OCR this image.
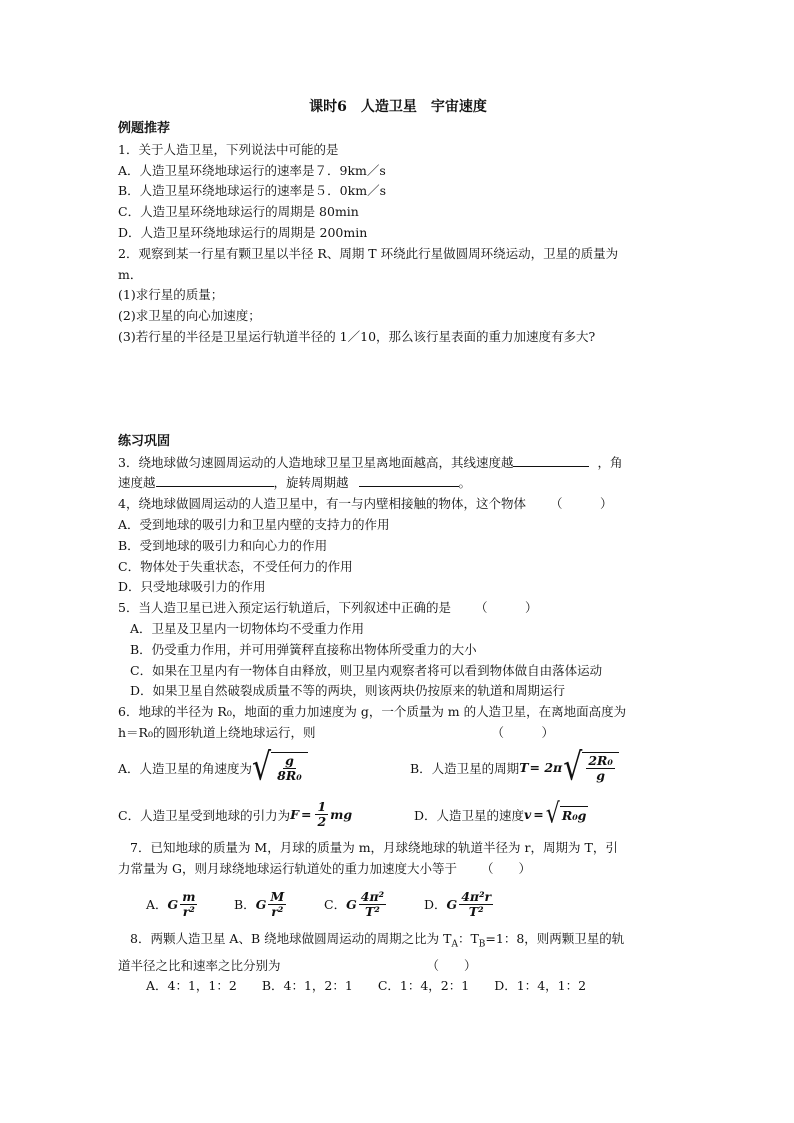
课时6　人造卫星　宇宙速度
例题推荐
1．关于人造卫星，下列说法中可能的是
A．人造卫星环绕地球运行的速率是７．9km／s
B．人造卫星环绕地球运行的速率是５．0km／s
C．人造卫星环绕地球运行的周期是 80min
D．人造卫星环绕地球运行的周期是 200min
2．观察到某一行星有颗卫星以半径 R、周期 T 环绕此行星做圆周环绕运动，卫星的质量为
m．
(1)求行星的质量；
(2)求卫星的向心加速度；
(3)若行星的半径是卫星运行轨道半径的 1／10，那么该行星表面的重力加速度有多大?
练习巩固
3．绕地球做匀速圆周运动的人造地球卫星卫星离地面越高，其线速度越	，角
速度越	，旋转周期越	。
4，绕地球做圆周运动的人造卫星中，有一与内壁相接触的物体，这个物体 （　　　）
A．受到地球的吸引力和卫星内壁的支持力的作用
B．受到地球的吸引力和向心力的作用
C．物体处于失重状态，不受任何力的作用
D．只受地球吸引力的作用
5．当人造卫星已进入预定运行轨道后，下列叙述中正确的是 （　　　）
A．卫星及卫星内一切物体均不受重力作用
B．仍受重力作用，并可用弹簧秤直接称出物体所受重力的大小
C．如果在卫星内有一物体自由释放，则卫星内观察者将可以看到物体做自由落体运动
D．如果卫星自然破裂成质量不等的两块，则该两块仍按原来的轨道和周期运行
6．地球的半径为 R₀，地面的重力加速度为 g，一个质量为 m 的人造卫星，在离地面高度为
h＝R₀的圆形轨道上绕地球运行，则	（　　　）
A．人造卫星的角速度为 √ $\frac{g}{\text{8R₀}}$	B．人造卫星的周期 T = 2π √ $\frac{\text{2R₀}}{g}$
C．人造卫星受到地球的引力为 $F = \frac{1}{2}$ mg	D．人造卫星的速度 v = √ R₀g
7．已知地球的质量为 M，月球的质量为 m，月球绕地球的轨道半径为 r，周期为 T，引
力常量为 G，则月球绕地球运行轨道处的重力加速度大小等于 （　　）
A． G $\frac{m}{\text{r²}}$	B． G $\frac{M}{\text{r²}}$	C． G $\frac{\text{4π²}}{\text{T²}}$	D． G $\frac{\text{4π²r}}{\text{T²}}$
8．两颗人造卫星 A、B 绕地球做圆周运动的周期之比为 $T_A$：$T_B=1$：8，则两颗卫星的轨
道半径之比和速率之比分别为	（　　）
A．4：1，1：2　　B．4：1，2：1　　C．1：4，2：1　　D．1：4，1：2
